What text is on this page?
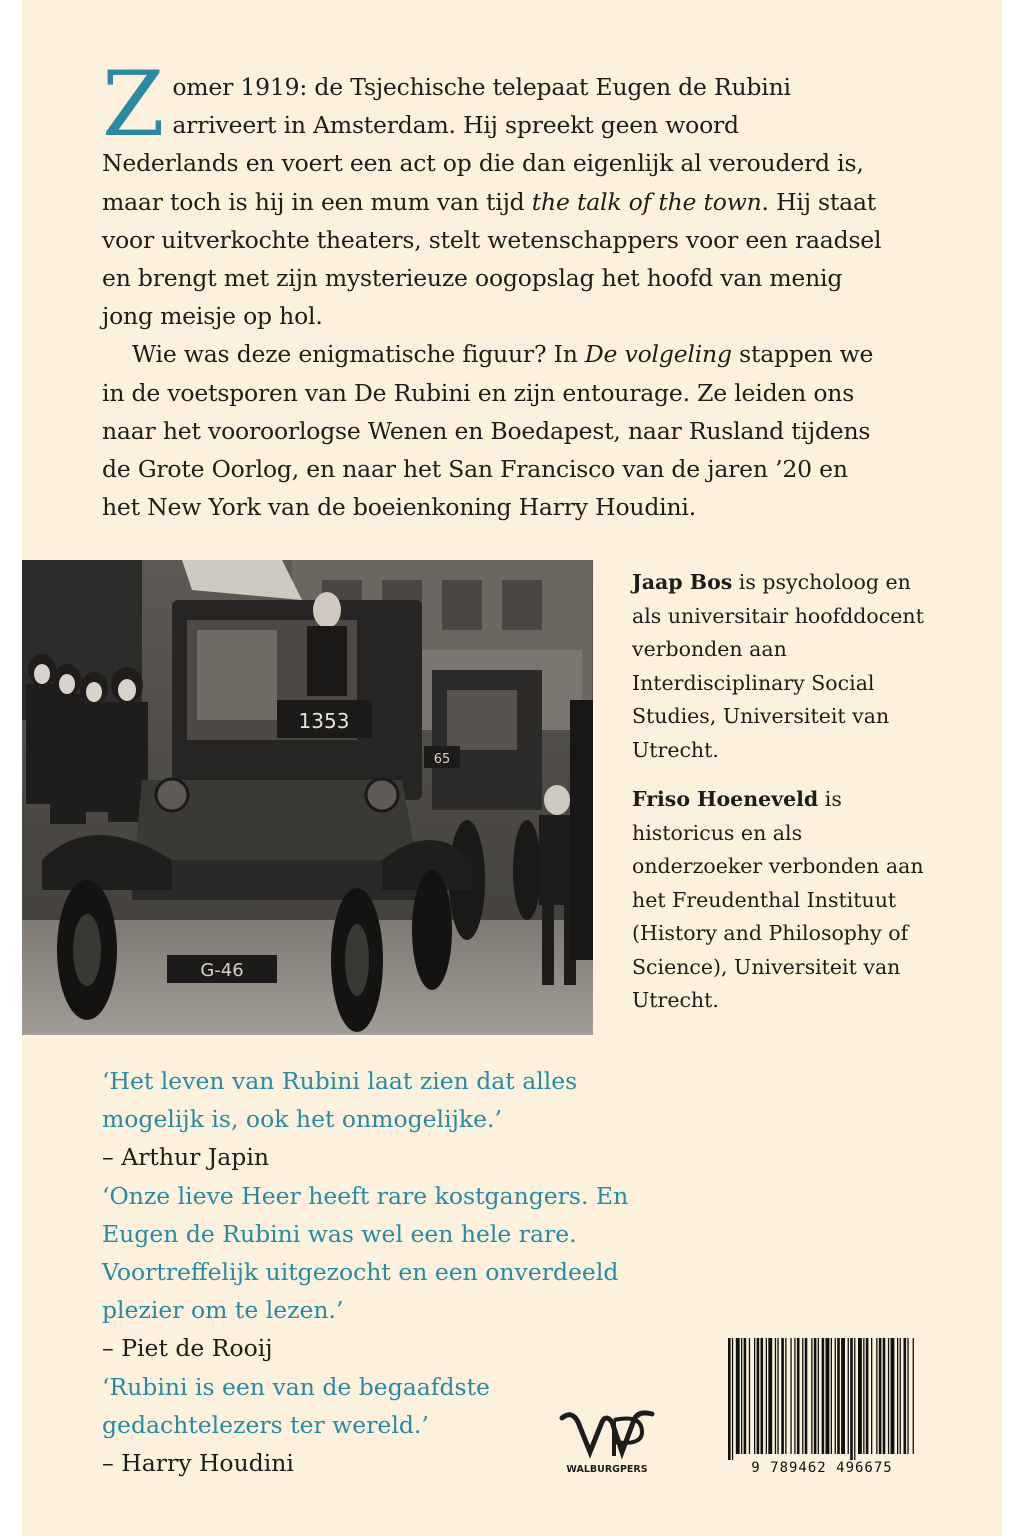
Zomer 1919: de Tsjechische telepaat Eugen de Rubini arriveert in Amsterdam. Hij spreekt geen woord Nederlands en voert een act op die dan eigenlijk al verouderd is, maar toch is hij in een mum van tijd the talk of the town. Hij staat voor uitverkochte theaters, stelt wetenschappers voor een raadsel en brengt met zijn mysterieuze oogopslag het hoofd van menig jong meisje op hol.

Wie was deze enigmatische figuur? In De volgeling stappen we in de voetsporen van De Rubini en zijn entourage. Ze leiden ons naar het vooroorlogse Wenen en Boedapest, naar Rusland tijdens de Grote Oorlog, en naar het San Francisco van de jaren ’20 en het New York van de boeienkoning Harry Houdini.

1353
G-46
65

Jaap Bos is psycholoog en als universitair hoofddocent verbonden aan Interdisciplinary Social Studies, Universiteit van Utrecht.

Friso Hoeneveld is historicus en als onderzoeker verbonden aan het Freudenthal Instituut (History and Philosophy of Science), Universiteit van Utrecht.

‘Het leven van Rubini laat zien dat alles mogelijk is, ook het onmogelijke.’
– Arthur Japin
‘Onze lieve Heer heeft rare kostgangers. En Eugen de Rubini was wel een hele rare. Voortreffelijk uitgezocht en een onverdeeld plezier om te lezen.’
– Piet de Rooij
‘Rubini is een van de begaafdste gedachtelezers ter wereld.’
– Harry Houdini	WALBURGPERS	9 789462 496675
